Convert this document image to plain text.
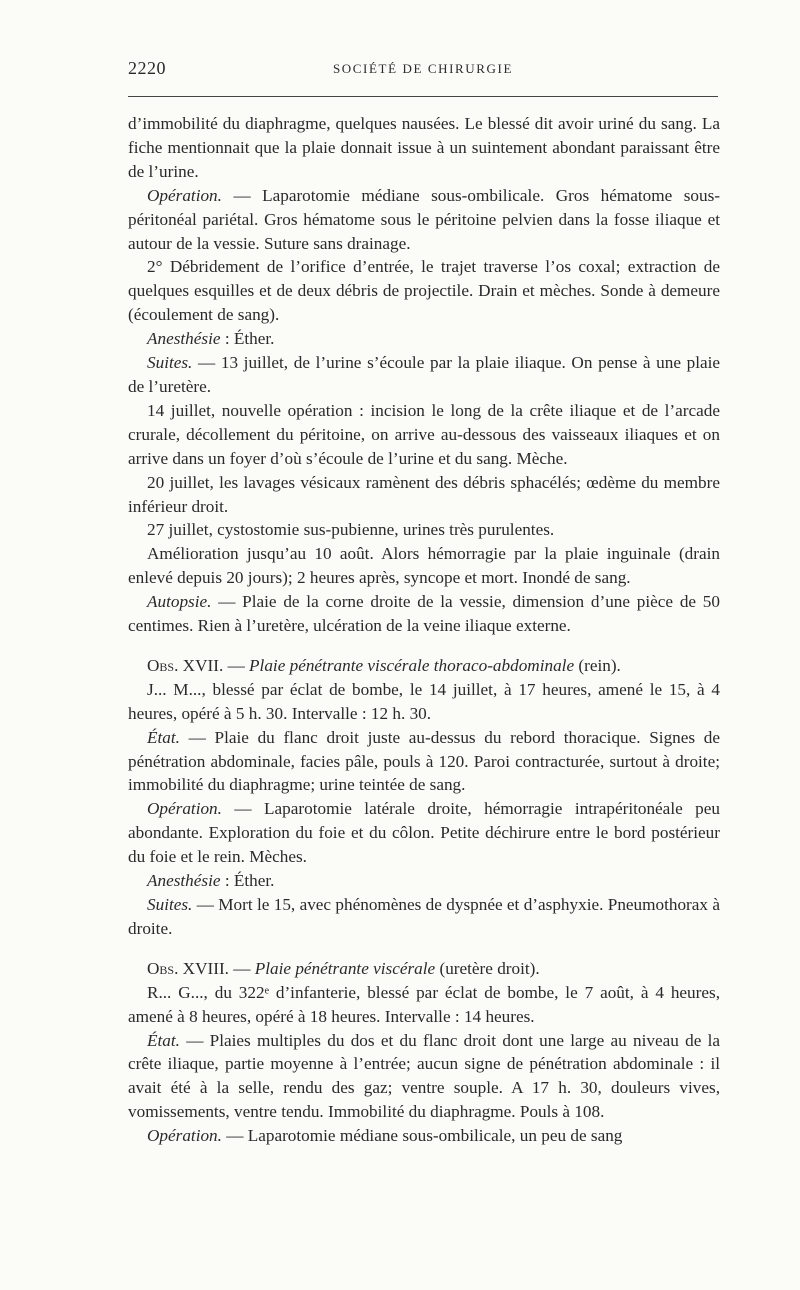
2220	SOCIÉTÉ DE CHIRURGIE

d’immobilité du diaphragme, quelques nausées. Le blessé dit avoir uriné du sang. La fiche mentionnait que la plaie donnait issue à un suintement abondant paraissant être de l’urine.

Opération. — Laparotomie médiane sous-ombilicale. Gros hématome sous-péritonéal pariétal. Gros hématome sous le péritoine pelvien dans la fosse iliaque et autour de la vessie. Suture sans drainage.

2° Débridement de l’orifice d’entrée, le trajet traverse l’os coxal; extraction de quelques esquilles et de deux débris de projectile. Drain et mèches. Sonde à demeure (écoulement de sang).

Anesthésie : Éther.

Suites. — 13 juillet, de l’urine s’écoule par la plaie iliaque. On pense à une plaie de l’uretère.

14 juillet, nouvelle opération : incision le long de la crête iliaque et de l’arcade crurale, décollement du péritoine, on arrive au-dessous des vaisseaux iliaques et on arrive dans un foyer d’où s’écoule de l’urine et du sang. Mèche.

20 juillet, les lavages vésicaux ramènent des débris sphacélés; œdème du membre inférieur droit.

27 juillet, cystostomie sus-pubienne, urines très purulentes.

Amélioration jusqu’au 10 août. Alors hémorragie par la plaie inguinale (drain enlevé depuis 20 jours); 2 heures après, syncope et mort. Inondé de sang.

Autopsie. — Plaie de la corne droite de la vessie, dimension d’une pièce de 50 centimes. Rien à l’uretère, ulcération de la veine iliaque externe.

Obs. XVII. — Plaie pénétrante viscérale thoraco-abdominale (rein).

J... M..., blessé par éclat de bombe, le 14 juillet, à 17 heures, amené le 15, à 4 heures, opéré à 5 h. 30. Intervalle : 12 h. 30.

État. — Plaie du flanc droit juste au-dessus du rebord thoracique. Signes de pénétration abdominale, facies pâle, pouls à 120. Paroi contracturée, surtout à droite; immobilité du diaphragme; urine teintée de sang.

Opération. — Laparotomie latérale droite, hémorragie intrapéritonéale peu abondante. Exploration du foie et du côlon. Petite déchirure entre le bord postérieur du foie et le rein. Mèches.

Anesthésie : Éther.

Suites. — Mort le 15, avec phénomènes de dyspnée et d’asphyxie. Pneumothorax à droite.

Obs. XVIII. — Plaie pénétrante viscérale (uretère droit).

R... G..., du 322ᵉ d’infanterie, blessé par éclat de bombe, le 7 août, à 4 heures, amené à 8 heures, opéré à 18 heures. Intervalle : 14 heures.

État. — Plaies multiples du dos et du flanc droit dont une large au niveau de la crête iliaque, partie moyenne à l’entrée; aucun signe de pénétration abdominale : il avait été à la selle, rendu des gaz; ventre souple. A 17 h. 30, douleurs vives, vomissements, ventre tendu. Immobilité du diaphragme. Pouls à 108.

Opération. — Laparotomie médiane sous-ombilicale, un peu de sang
